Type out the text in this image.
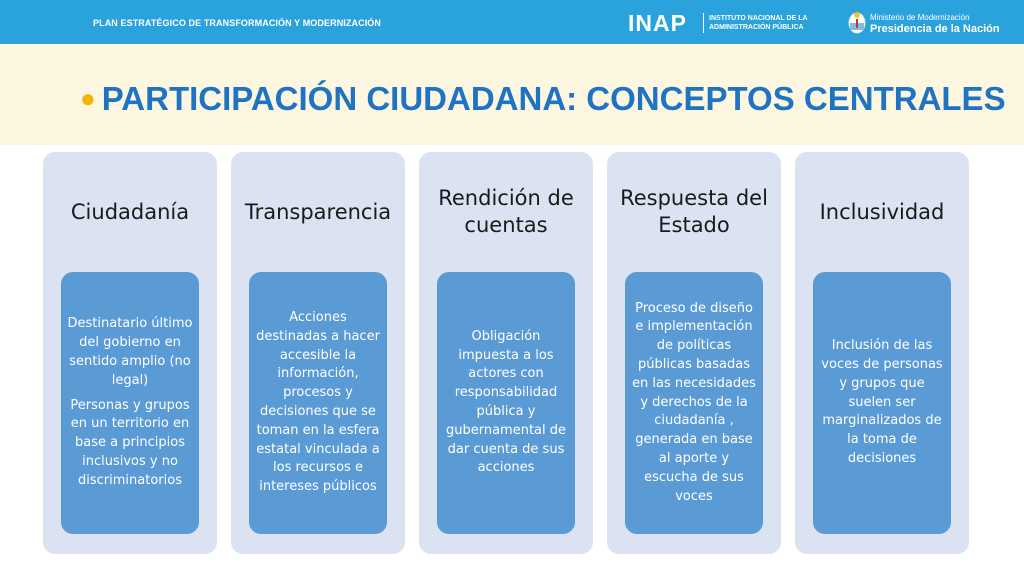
PLAN ESTRATÉGICO DE TRANSFORMACIÓN Y MODERNIZACIÓN	INAP	INSTITUTO NACIONAL DE LA
ADMINISTRACIÓN PÚBLICA
Ministerio de Modernización
Presidencia de la Nación
● PARTICIPACIÓN CIUDADANA: CONCEPTOS CENTRALES
Ciudadanía

Destinatario último del gobierno en sentido amplio (no legal)

Personas y grupos en un territorio en base a principios inclusivos y no discriminatorios

Transparencia

Acciones destinadas a hacer accesible la información, procesos y decisiones que se toman en la esfera estatal vinculada a los recursos e intereses públicos

Rendición de cuentas

Obligación impuesta a los actores con responsabilidad pública y gubernamental de dar cuenta de sus acciones

Respuesta del Estado

Proceso de diseño e implementación de políticas públicas basadas en las necesidades y derechos de la ciudadanía , generada en base al aporte y escucha de sus voces

Inclusividad

Inclusión de las voces de personas y grupos que suelen ser marginalizados de la toma de decisiones
